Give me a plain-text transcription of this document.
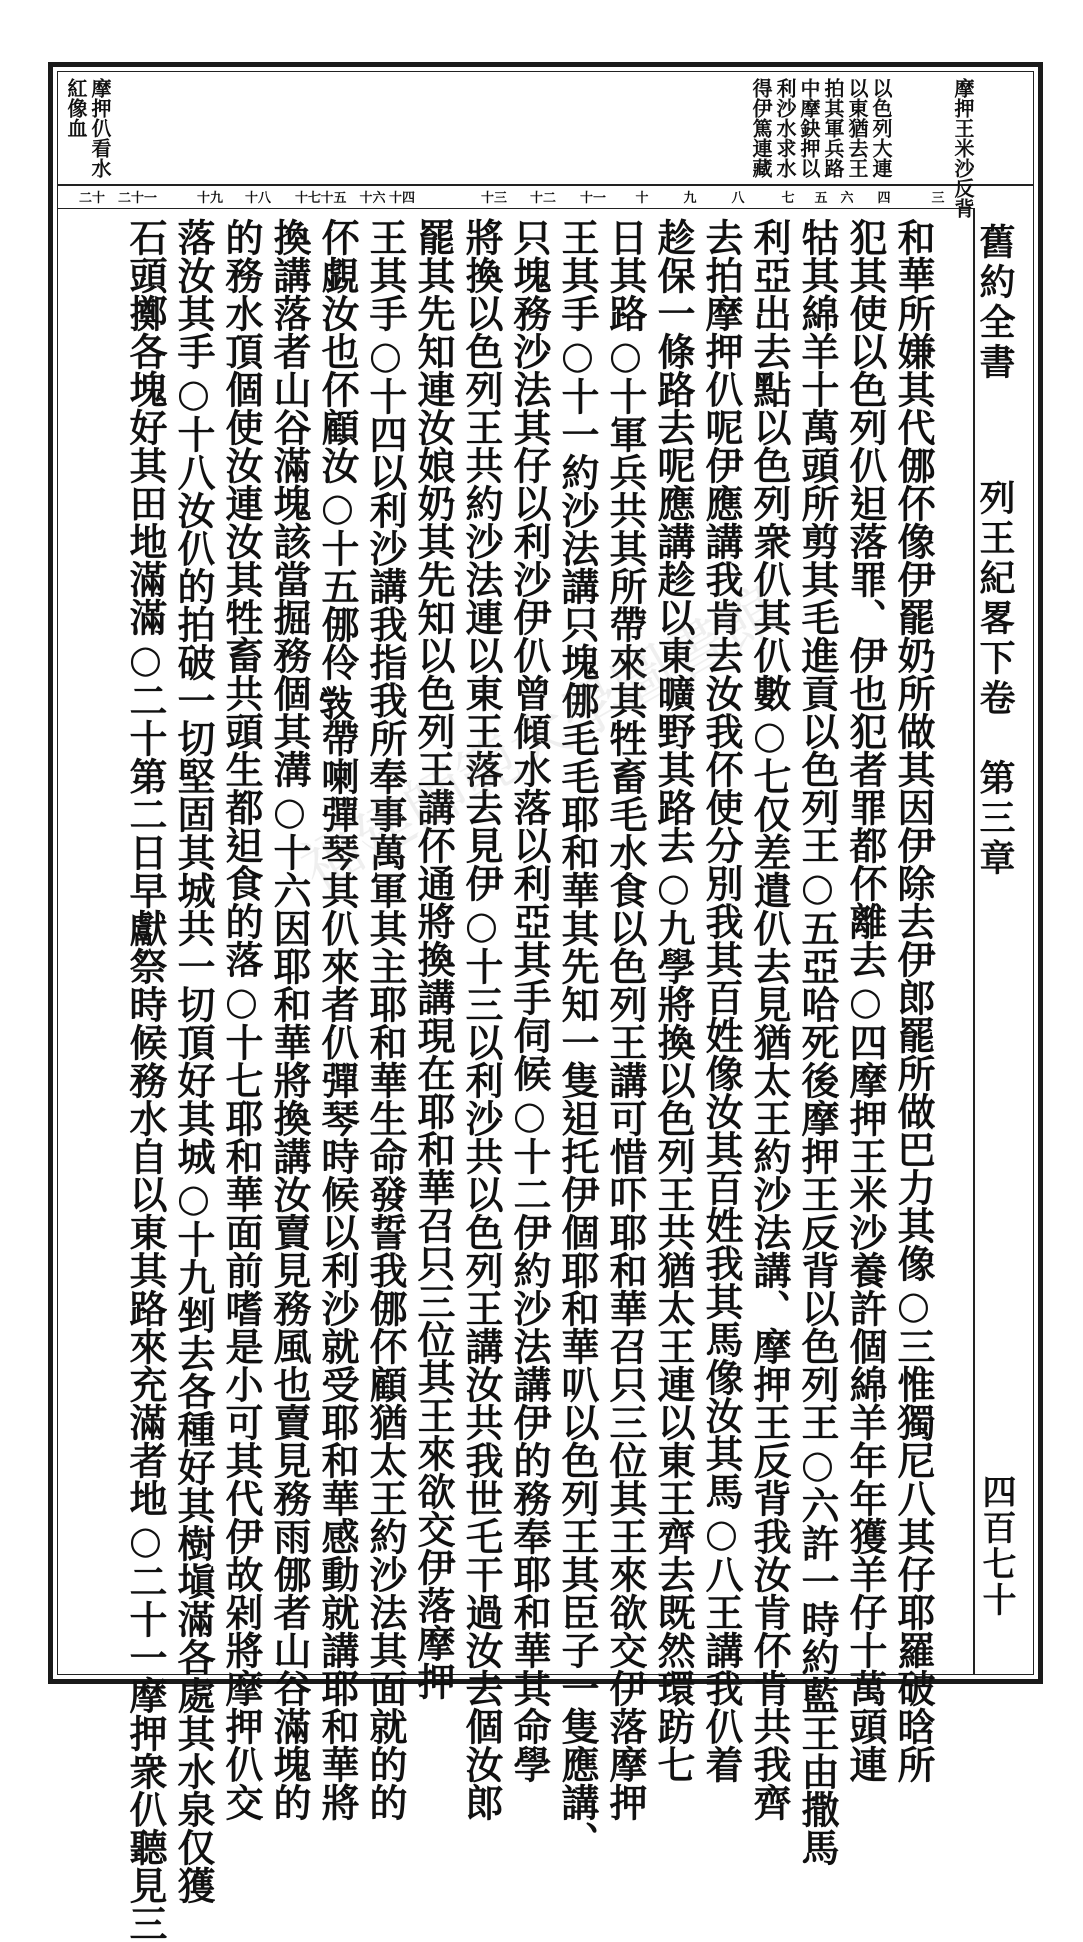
摩押王米沙反背
以色列大連以東猶去王拍其軍兵路中摩鈌押以利沙水求水得伊篤連藏
摩押仈看水紅像血
三
四
五　六
七
八
九
十
十一
十二
十三
十四
十五　十六
十七
十八
十九
二十　二十一
舊約全書
列王紀畧下卷　第三章
四百七十
和華所嫌其代㑚伓像伊罷奶所做其因伊除去伊郎罷所做巴力其像○三惟獨尼八其仔耶羅破晗所
犯其使以色列仈𨑨落罪、伊也犯者罪都伓離去○四摩押王米沙養許個綿羊年年獲羊仔十萬頭連
牯其綿羊十萬頭所剪其毛進貢以色列王○五亞哈死後摩押王反背以色列王○六許一時約藍王由撒馬
利亞出去點以色列衆仈其仈數○七仅差遣仈去見猶太王約沙法講、摩押王反背我汝肯伓肯共我齊
去拍摩押仈呢伊應講我肯去汝我伓使分別我其百姓像汝其百姓我其馬像汝其馬○八王講我仈着
趁保一條路去呢應講趁以東曠野其路去○九學將換以色列王共猶太王連以東王齊去既然環趽七
日其路○十軍兵共其所帶來其牲畜毛水食以色列王講可惜吓耶和華召只三位其王來欲交伊落摩押
王其手○十一約沙法講只塊㑚毛毛耶和華其先知一隻𨑨托伊個耶和華叭以色列王其臣子一隻應講、
只塊務沙法其仔以利沙伊仈曾傾水落以利亞其手伺候○十二伊約沙法講伊的務奉耶和華其命學
將換以色列王共約沙法連以東王落去見伊○十三以利沙共以色列王講汝共我世乇干過汝去個汝郎
罷其先知連汝娘奶其先知以色列王講伓通將換講現在耶和華召只三位其王來欲交伊落摩押
王其手○十四以利沙講我指我所奉事萬軍其主耶和華生命發誓我㑚伓顧猶太王約沙法其面就的的
伓覷汝也伓顧汝○十五㑚伶𢽾帶喇彈琴其仈來者仈彈琴時候以利沙就受耶和華感動就講耶和華將
換講落者山谷滿塊該當掘務個其溝○十六因耶和華將換講汝賣見務風也賣見務雨㑚者山谷滿塊的
的務水頂個使汝連汝其牲畜共頭生都𨑨食的落○十七耶和華面前嗜是小可其代伊故剁將摩押仈交
落汝其手○十八汝仈的拍破一切堅固其城共一切頂好其城○十九剉去各種好其樹塡滿各處其水泉仅獲
石頭擲各塊好其田地滿滿○二十第二日早獻祭時候務水自以東其路來充滿者地○二十一摩押衆仈聽見三 福建師範大學圖書館
